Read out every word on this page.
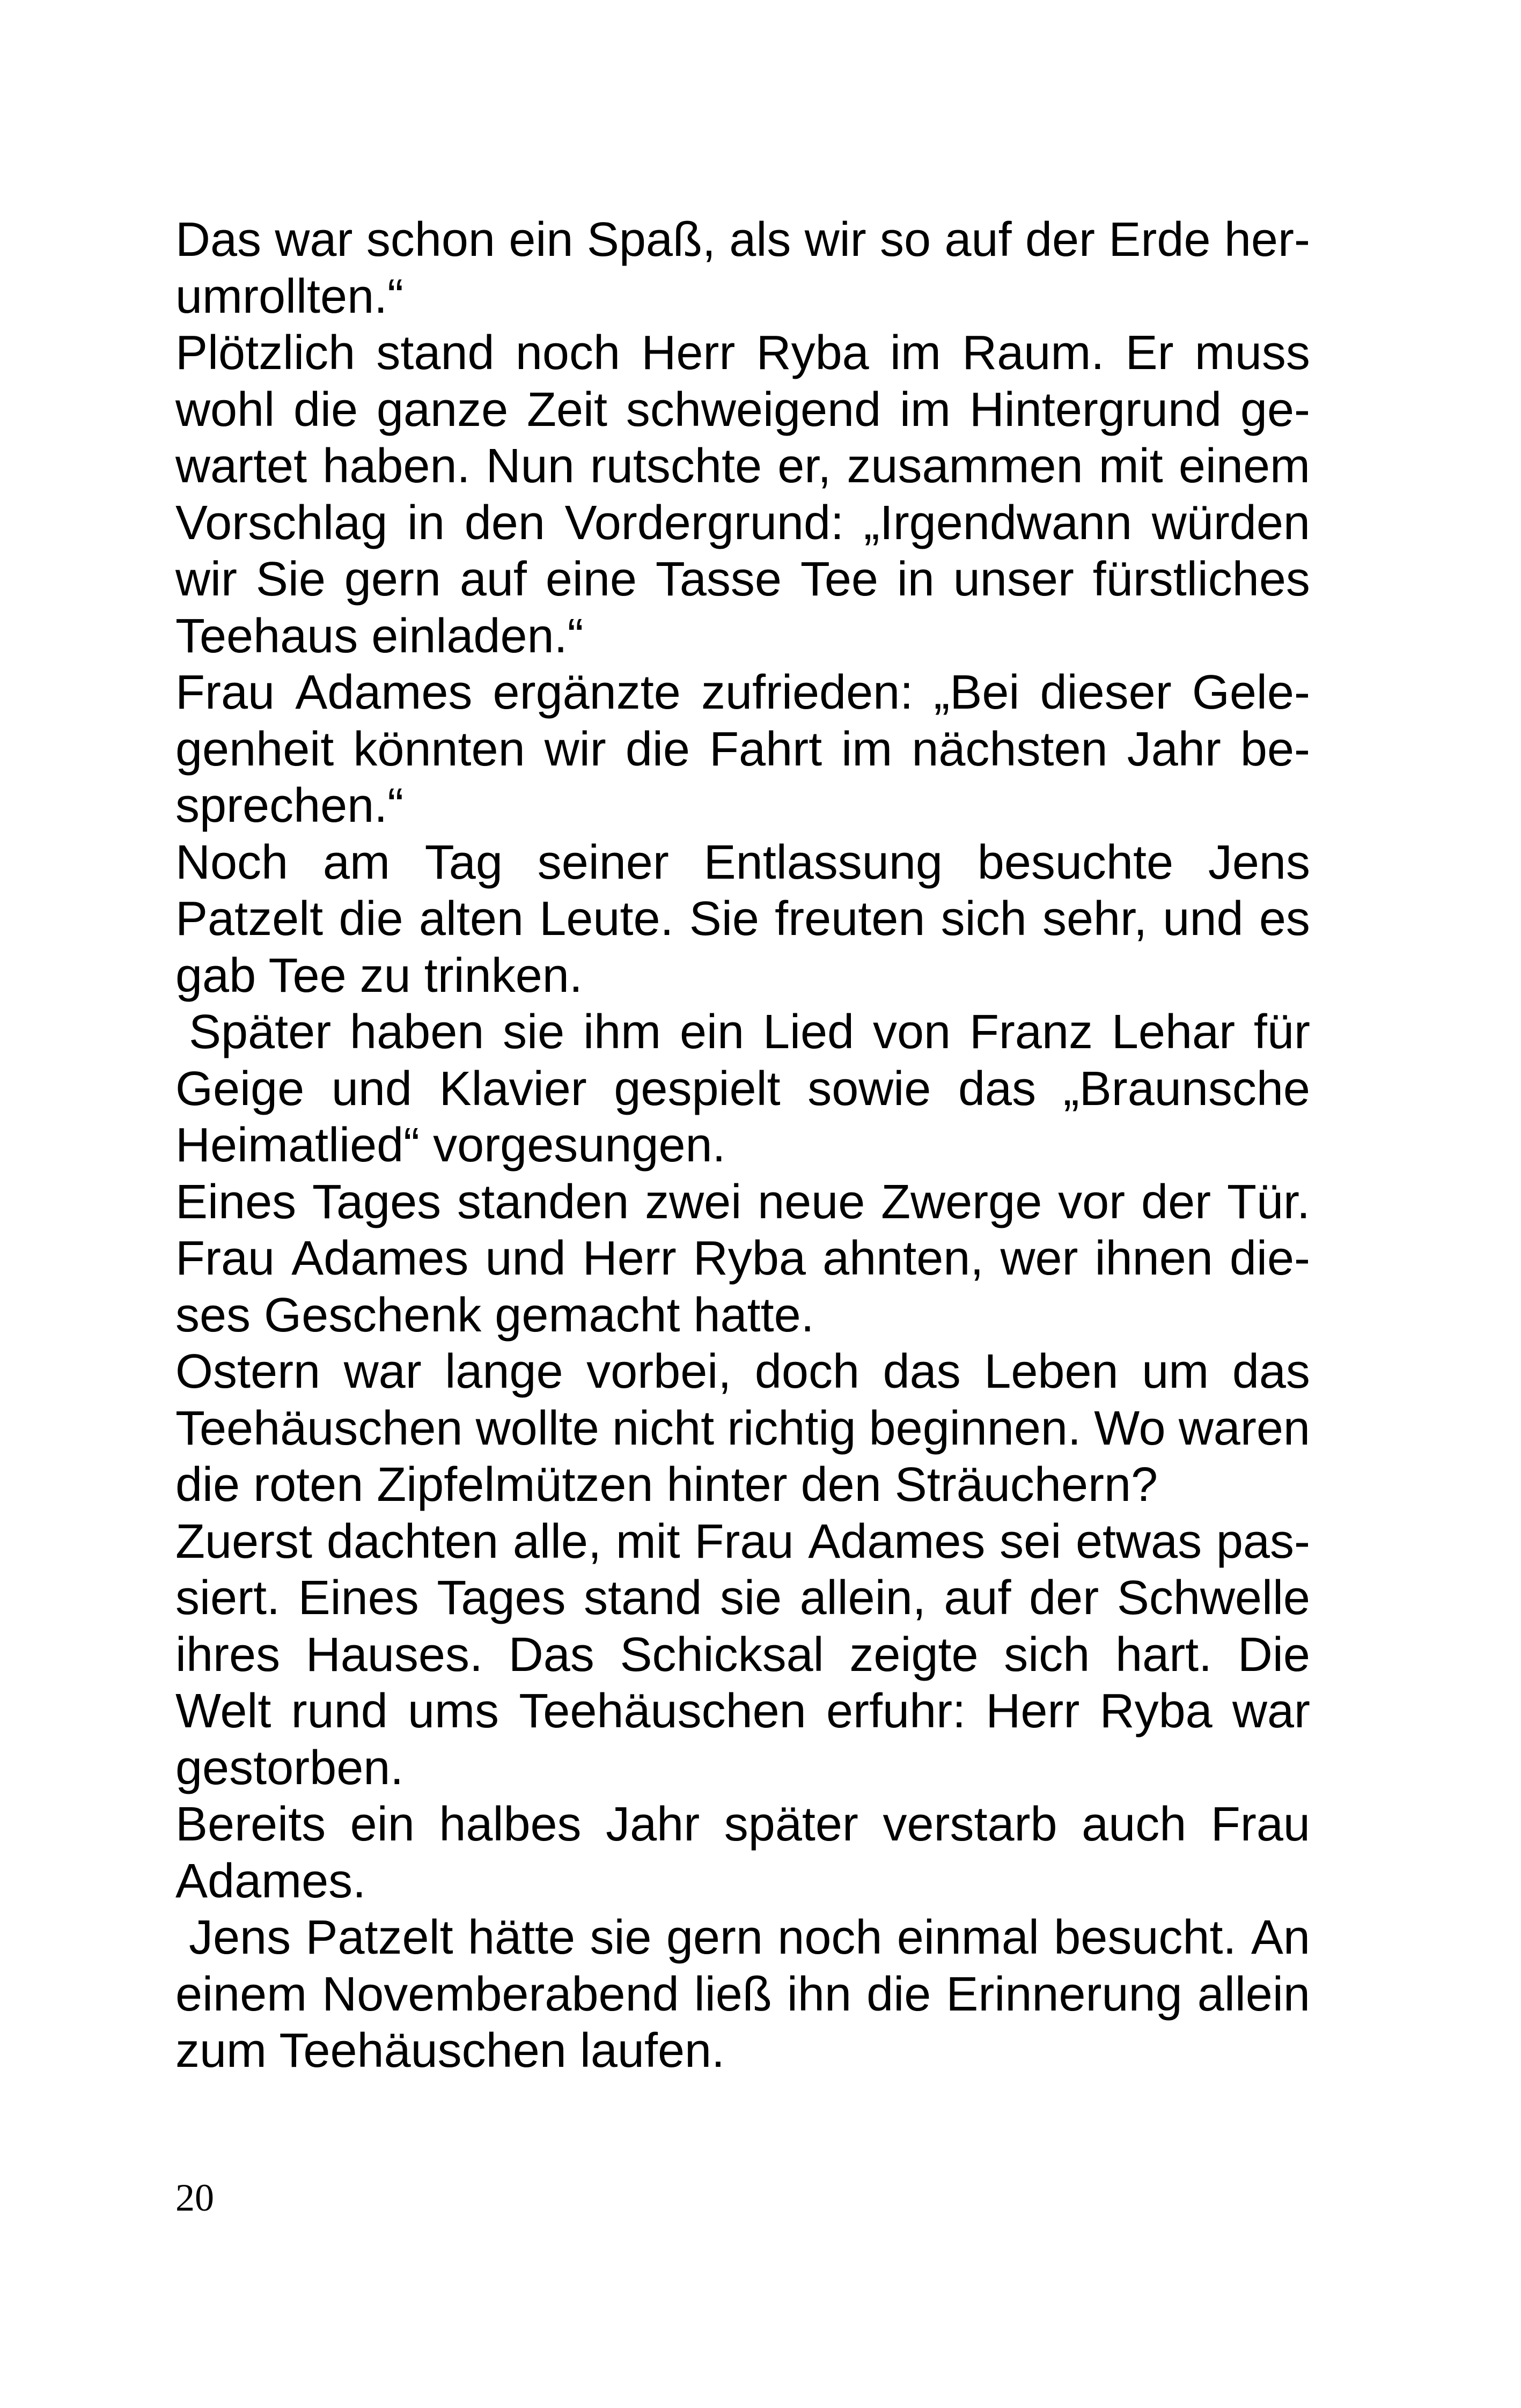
Das war schon ein Spaß, als wir so auf der Erde her-
umrollten.“
Plötzlich stand noch Herr Ryba im Raum. Er muss
wohl die ganze Zeit schweigend im Hintergrund ge-
wartet haben. Nun rutschte er, zusammen mit einem
Vorschlag in den Vordergrund: „Irgendwann würden
wir Sie gern auf eine Tasse Tee in unser fürstliches
Teehaus einladen.“
Frau Adames ergänzte zufrieden: „Bei dieser Gele-
genheit könnten wir die Fahrt im nächsten Jahr be-
sprechen.“
Noch am Tag seiner Entlassung besuchte Jens
Patzelt die alten Leute. Sie freuten sich sehr, und es
gab Tee zu trinken.
Später haben sie ihm ein Lied von Franz Lehar für
Geige und Klavier gespielt sowie das „Braunsche
Heimatlied“ vorgesungen.
Eines Tages standen zwei neue Zwerge vor der Tür.
Frau Adames und Herr Ryba ahnten, wer ihnen die-
ses Geschenk gemacht hatte.
Ostern war lange vorbei, doch das Leben um das
Teehäuschen wollte nicht richtig beginnen. Wo waren
die roten Zipfelmützen hinter den Sträuchern?
Zuerst dachten alle, mit Frau Adames sei etwas pas-
siert. Eines Tages stand sie allein, auf der Schwelle
ihres Hauses. Das Schicksal zeigte sich hart. Die
Welt rund ums Teehäuschen erfuhr: Herr Ryba war
gestorben.
Bereits ein halbes Jahr später verstarb auch Frau
Adames.
Jens Patzelt hätte sie gern noch einmal besucht. An
einem Novemberabend ließ ihn die Erinnerung allein
zum Teehäuschen laufen.
20
